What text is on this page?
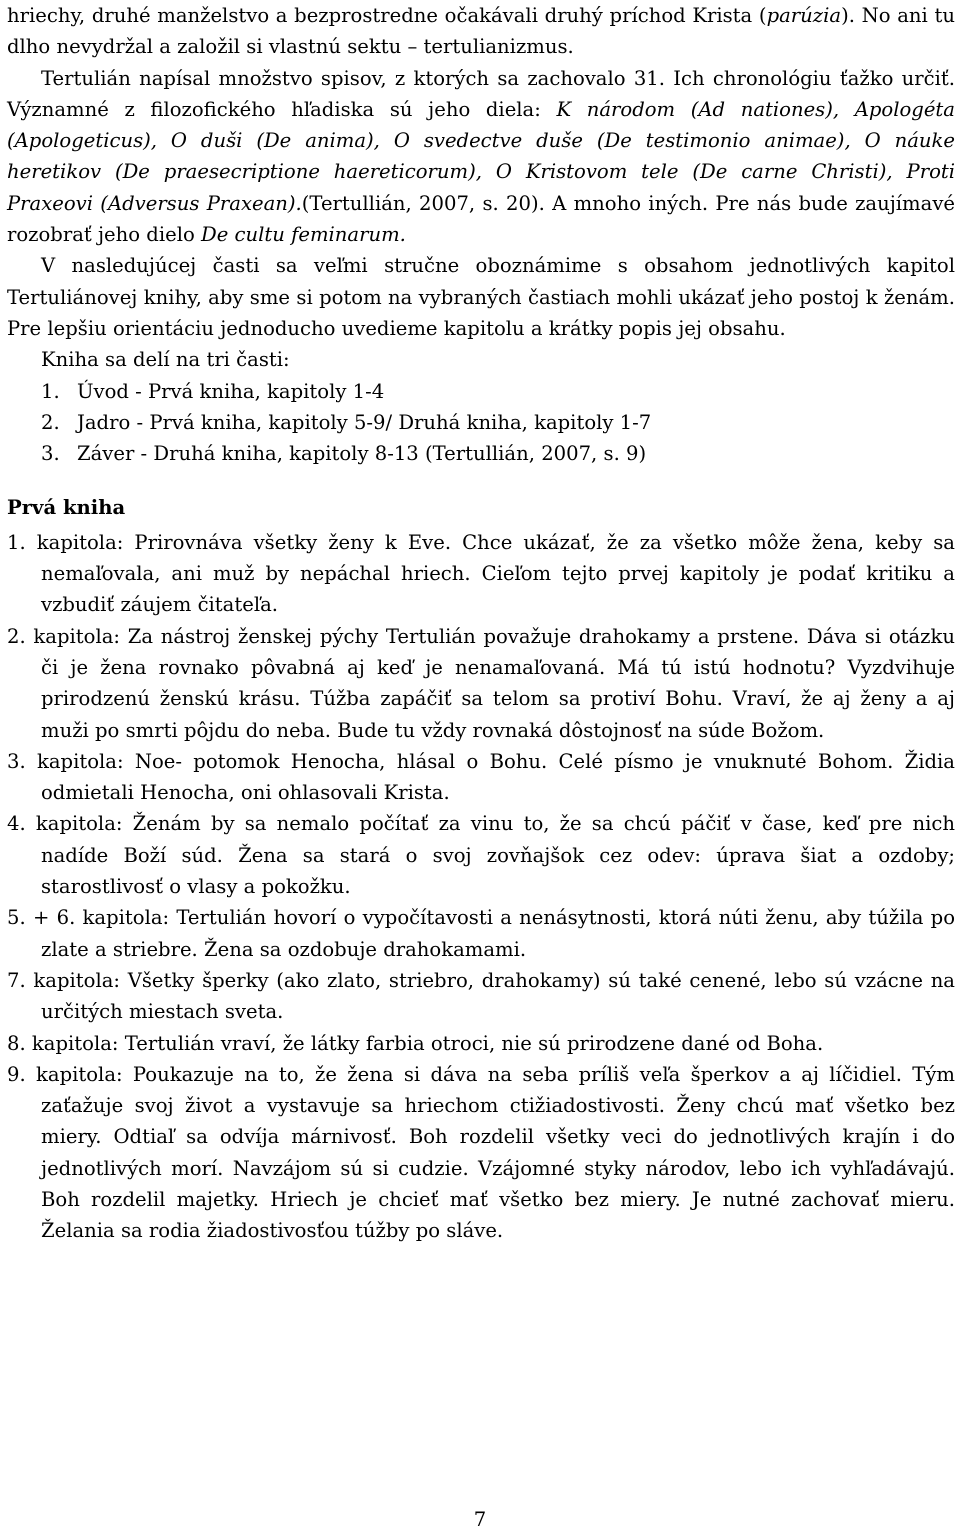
hriechy, druhé manželstvo a bezprostredne očakávali druhý príchod Krista (parúzia). No ani tu dlho nevydržal a založil si vlastnú sektu – tertulianizmus.

Tertulián napísal množstvo spisov, z ktorých sa zachovalo 31. Ich chronológiu ťažko určiť. Významné z filozofického hľadiska sú jeho diela: K národom (Ad nationes), Apologéta (Apologeticus), O duši (De anima), O svedectve duše (De testimonio animae), O náuke heretikov (De praesecriptione haereticorum), O Kristovom tele (De carne Christi), Proti Praxeovi (Adversus Praxean).(Tertullián, 2007, s. 20). A mnoho iných. Pre nás bude zaujímavé rozobrať jeho dielo De cultu feminarum.

V nasledujúcej časti sa veľmi stručne oboznámime s obsahom jednotlivých kapitol Tertuliánovej knihy, aby sme si potom na vybraných častiach mohli ukázať jeho postoj k ženám. Pre lepšiu orientáciu jednoducho uvedieme kapitolu a krátky popis jej obsahu.

Kniha sa delí na tri časti:

1. Úvod - Prvá kniha, kapitoly 1-4
2. Jadro - Prvá kniha, kapitoly 5-9/ Druhá kniha, kapitoly 1-7
3. Záver - Druhá kniha, kapitoly 8-13 (Tertullián, 2007, s. 9)

Prvá kniha

1. kapitola: Prirovnáva všetky ženy k Eve. Chce ukázať, že za všetko môže žena, keby sa nemaľovala, ani muž by nepáchal hriech. Cieľom tejto prvej kapitoly je podať kritiku a vzbudiť záujem čitateľa.

2. kapitola: Za nástroj ženskej pýchy Tertulián považuje drahokamy a prstene. Dáva si otázku či je žena rovnako pôvabná aj keď je nenamaľovaná. Má tú istú hodnotu? Vyzdvihuje prirodzenú ženskú krásu. Túžba zapáčiť sa telom sa protiví Bohu. Vraví, že aj ženy a aj muži po smrti pôjdu do neba. Bude tu vždy rovnaká dôstojnosť na súde Božom.

3. kapitola: Noe- potomok Henocha, hlásal o Bohu. Celé písmo je vnuknuté Bohom. Židia odmietali Henocha, oni ohlasovali Krista.

4. kapitola: Ženám by sa nemalo počítať za vinu to, že sa chcú páčiť v čase, keď pre nich nadíde Boží súd. Žena sa stará o svoj zovňajšok cez odev: úprava šiat a ozdoby; starostlivosť o vlasy a pokožku.

5. + 6. kapitola: Tertulián hovorí o vypočítavosti a nenásytnosti, ktorá núti ženu, aby túžila po zlate a striebre. Žena sa ozdobuje drahokamami.

7. kapitola: Všetky šperky (ako zlato, striebro, drahokamy) sú také cenené, lebo sú vzácne na určitých miestach sveta.

8. kapitola: Tertulián vraví, že látky farbia otroci, nie sú prirodzene dané od Boha.

9. kapitola: Poukazuje na to, že žena si dáva na seba príliš veľa šperkov a aj líčidiel. Tým zaťažuje svoj život a vystavuje sa hriechom ctižiadostivosti. Ženy chcú mať všetko bez miery. Odtiaľ sa odvíja márnivosť. Boh rozdelil všetky veci do jednotlivých krajín i do jednotlivých morí. Navzájom sú si cudzie. Vzájomné styky národov, lebo ich vyhľadávajú. Boh rozdelil majetky. Hriech je chcieť mať všetko bez miery. Je nutné zachovať mieru. Želania sa rodia žiadostivosťou túžby po sláve.

7
